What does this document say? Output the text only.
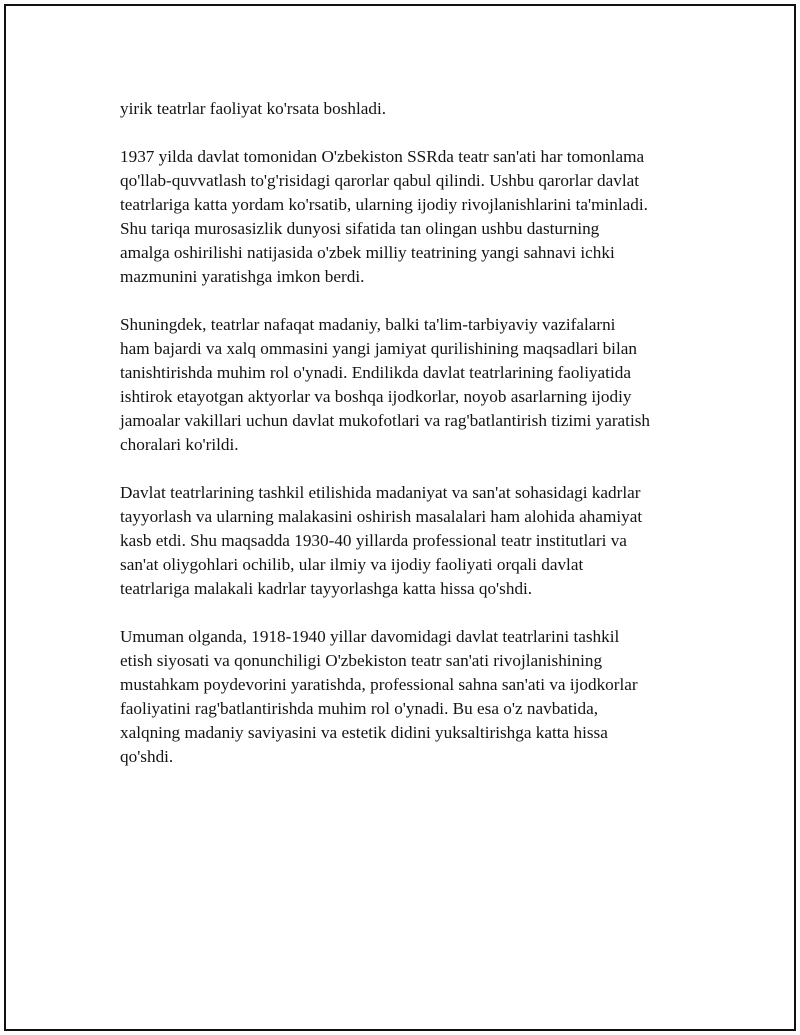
yirik teatrlar faoliyat ko'rsata boshladi.

1937 yilda davlat tomonidan O'zbekiston SSRda teatr san'ati har tomonlama
qo'llab-quvvatlash to'g'risidagi qarorlar qabul qilindi. Ushbu qarorlar davlat
teatrlariga katta yordam ko'rsatib, ularning ijodiy rivojlanishlarini ta'minladi.
Shu tariqa murosasizlik dunyosi sifatida tan olingan ushbu dasturning
amalga oshirilishi natijasida o'zbek milliy teatrining yangi sahnavi ichki
mazmunini yaratishga imkon berdi.

Shuningdek, teatrlar nafaqat madaniy, balki ta'lim-tarbiyaviy vazifalarni
ham bajardi va xalq ommasini yangi jamiyat qurilishining maqsadlari bilan
tanishtirishda muhim rol o'ynadi. Endilikda davlat teatrlarining faoliyatida
ishtirok etayotgan aktyorlar va boshqa ijodkorlar, noyob asarlarning ijodiy
jamoalar vakillari uchun davlat mukofotlari va rag'batlantirish tizimi yaratish
choralari ko'rildi.

Davlat teatrlarining tashkil etilishida madaniyat va san'at sohasidagi kadrlar
tayyorlash va ularning malakasini oshirish masalalari ham alohida ahamiyat
kasb etdi. Shu maqsadda 1930-40 yillarda professional teatr institutlari va
san'at oliygohlari ochilib, ular ilmiy va ijodiy faoliyati orqali davlat
teatrlariga malakali kadrlar tayyorlashga katta hissa qo'shdi.

Umuman olganda, 1918-1940 yillar davomidagi davlat teatrlarini tashkil
etish siyosati va qonunchiligi O'zbekiston teatr san'ati rivojlanishining
mustahkam poydevorini yaratishda, professional sahna san'ati va ijodkorlar
faoliyatini rag'batlantirishda muhim rol o'ynadi. Bu esa o'z navbatida,
xalqning madaniy saviyasini va estetik didini yuksaltirishga katta hissa
qo'shdi.
